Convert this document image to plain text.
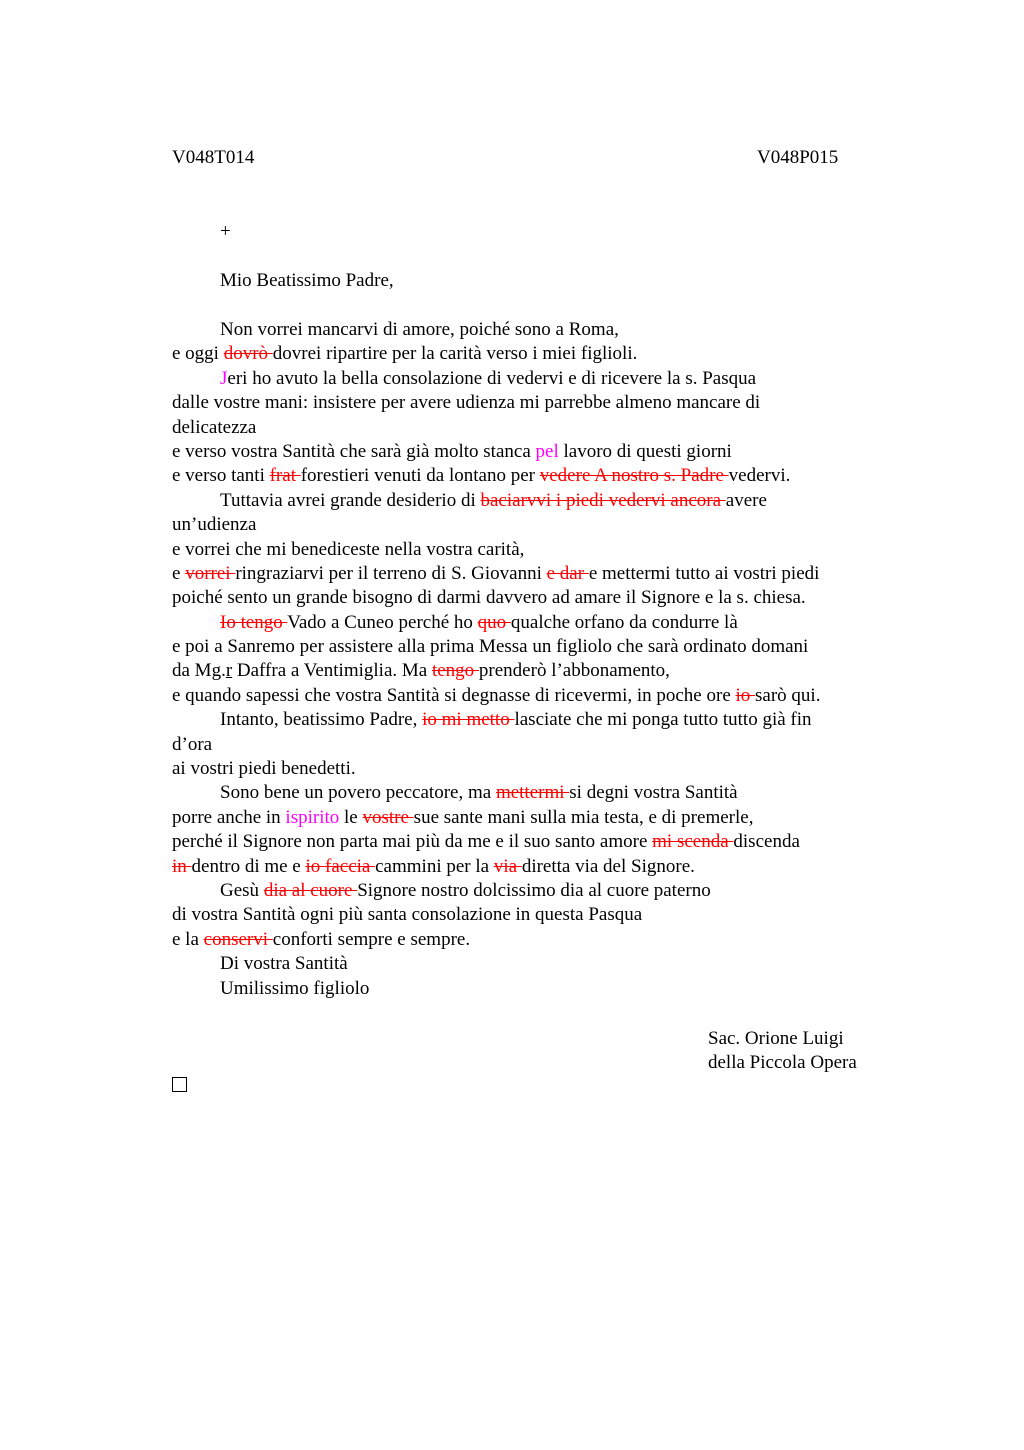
V048T014	V048P015
+
Mio Beatissimo Padre,
Non vorrei mancarvi di amore, poiché sono a Roma,
e oggi dovrò dovrei ripartire per la carità verso i miei figlioli.
Jeri ho avuto la bella consolazione di vedervi e di ricevere la s. Pasqua
dalle vostre mani: insistere per avere udienza mi parrebbe almeno mancare di
delicatezza
e verso vostra Santità che sarà già molto stanca pel lavoro di questi giorni
e verso tanti frat forestieri venuti da lontano per vedere A nostro s. Padre vedervi.
Tuttavia avrei grande desiderio di baciarvvi i piedi vedervi ancora avere
un’udienza
e vorrei che mi benediceste nella vostra carità,
e vorrei ringraziarvi per il terreno di S. Giovanni e dar e mettermi tutto ai vostri piedi
poiché sento un grande bisogno di darmi davvero ad amare il Signore e la s. chiesa.
Io tengo Vado a Cuneo perché ho quo qualche orfano da condurre là
e poi a Sanremo per assistere alla prima Messa un figliolo che sarà ordinato domani
da Mg.r Daffra a Ventimiglia. Ma tengo prenderò l’abbonamento,
e quando sapessi che vostra Santità si degnasse di ricevermi, in poche ore io sarò qui.
Intanto, beatissimo Padre, io mi metto lasciate che mi ponga tutto tutto già fin
d’ora
ai vostri piedi benedetti.
Sono bene un povero peccatore, ma mettermi si degni vostra Santità
porre anche in ispirito le vostre sue sante mani sulla mia testa, e di premerle,
perché il Signore non parta mai più da me e il suo santo amore mi scenda discenda
in dentro di me e io faccia cammini per la via diretta via del Signore.
Gesù dia al cuore Signore nostro dolcissimo dia al cuore paterno
di vostra Santità ogni più santa consolazione in questa Pasqua
e la conservi conforti sempre e sempre.
Di vostra Santità
Umilissimo figliolo
Sac. Orione Luigi
della Piccola Opera
